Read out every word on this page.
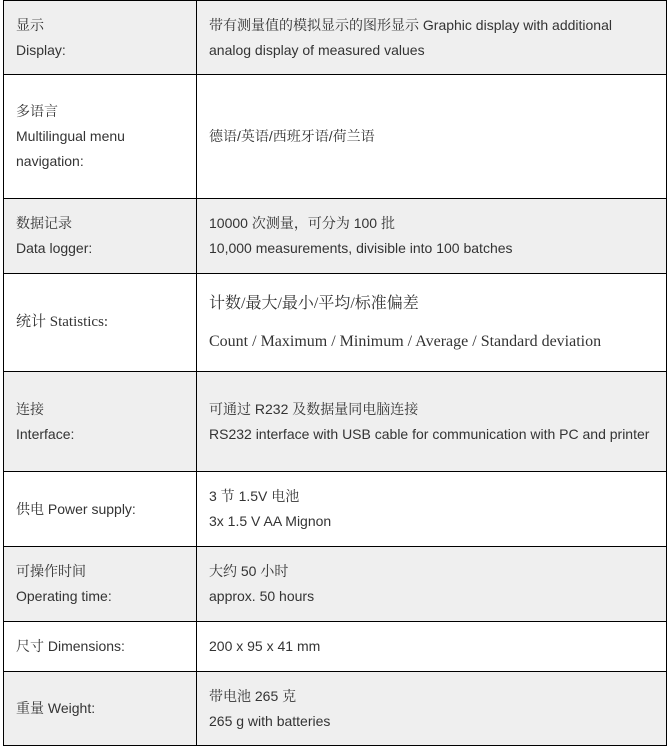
显示
Display:	带有测量值的模拟显示的图形显示 Graphic display with additional analog display of measured values

多语言
Multilingual menu
navigation:	德语/英语/西班牙语/荷兰语

数据记录
Data logger:	10000 次测量，可分为 100 批
10,000 measurements, divisible into 100 batches

统计 Statistics:	计数/最大/最小/平均/标准偏差
Count / Maximum / Minimum / Average / Standard deviation

连接
Interface:	可通过 R232 及数据量同电脑连接
RS232 interface with USB cable for communication with PC and printer

供电 Power supply:	3 节 1.5V 电池
3x 1.5 V AA Mignon

可操作时间
Operating time:	大约 50 小时
approx. 50 hours

尺寸 Dimensions:	200 x 95 x 41 mm

重量 Weight:	带电池 265 克
265 g with batteries
